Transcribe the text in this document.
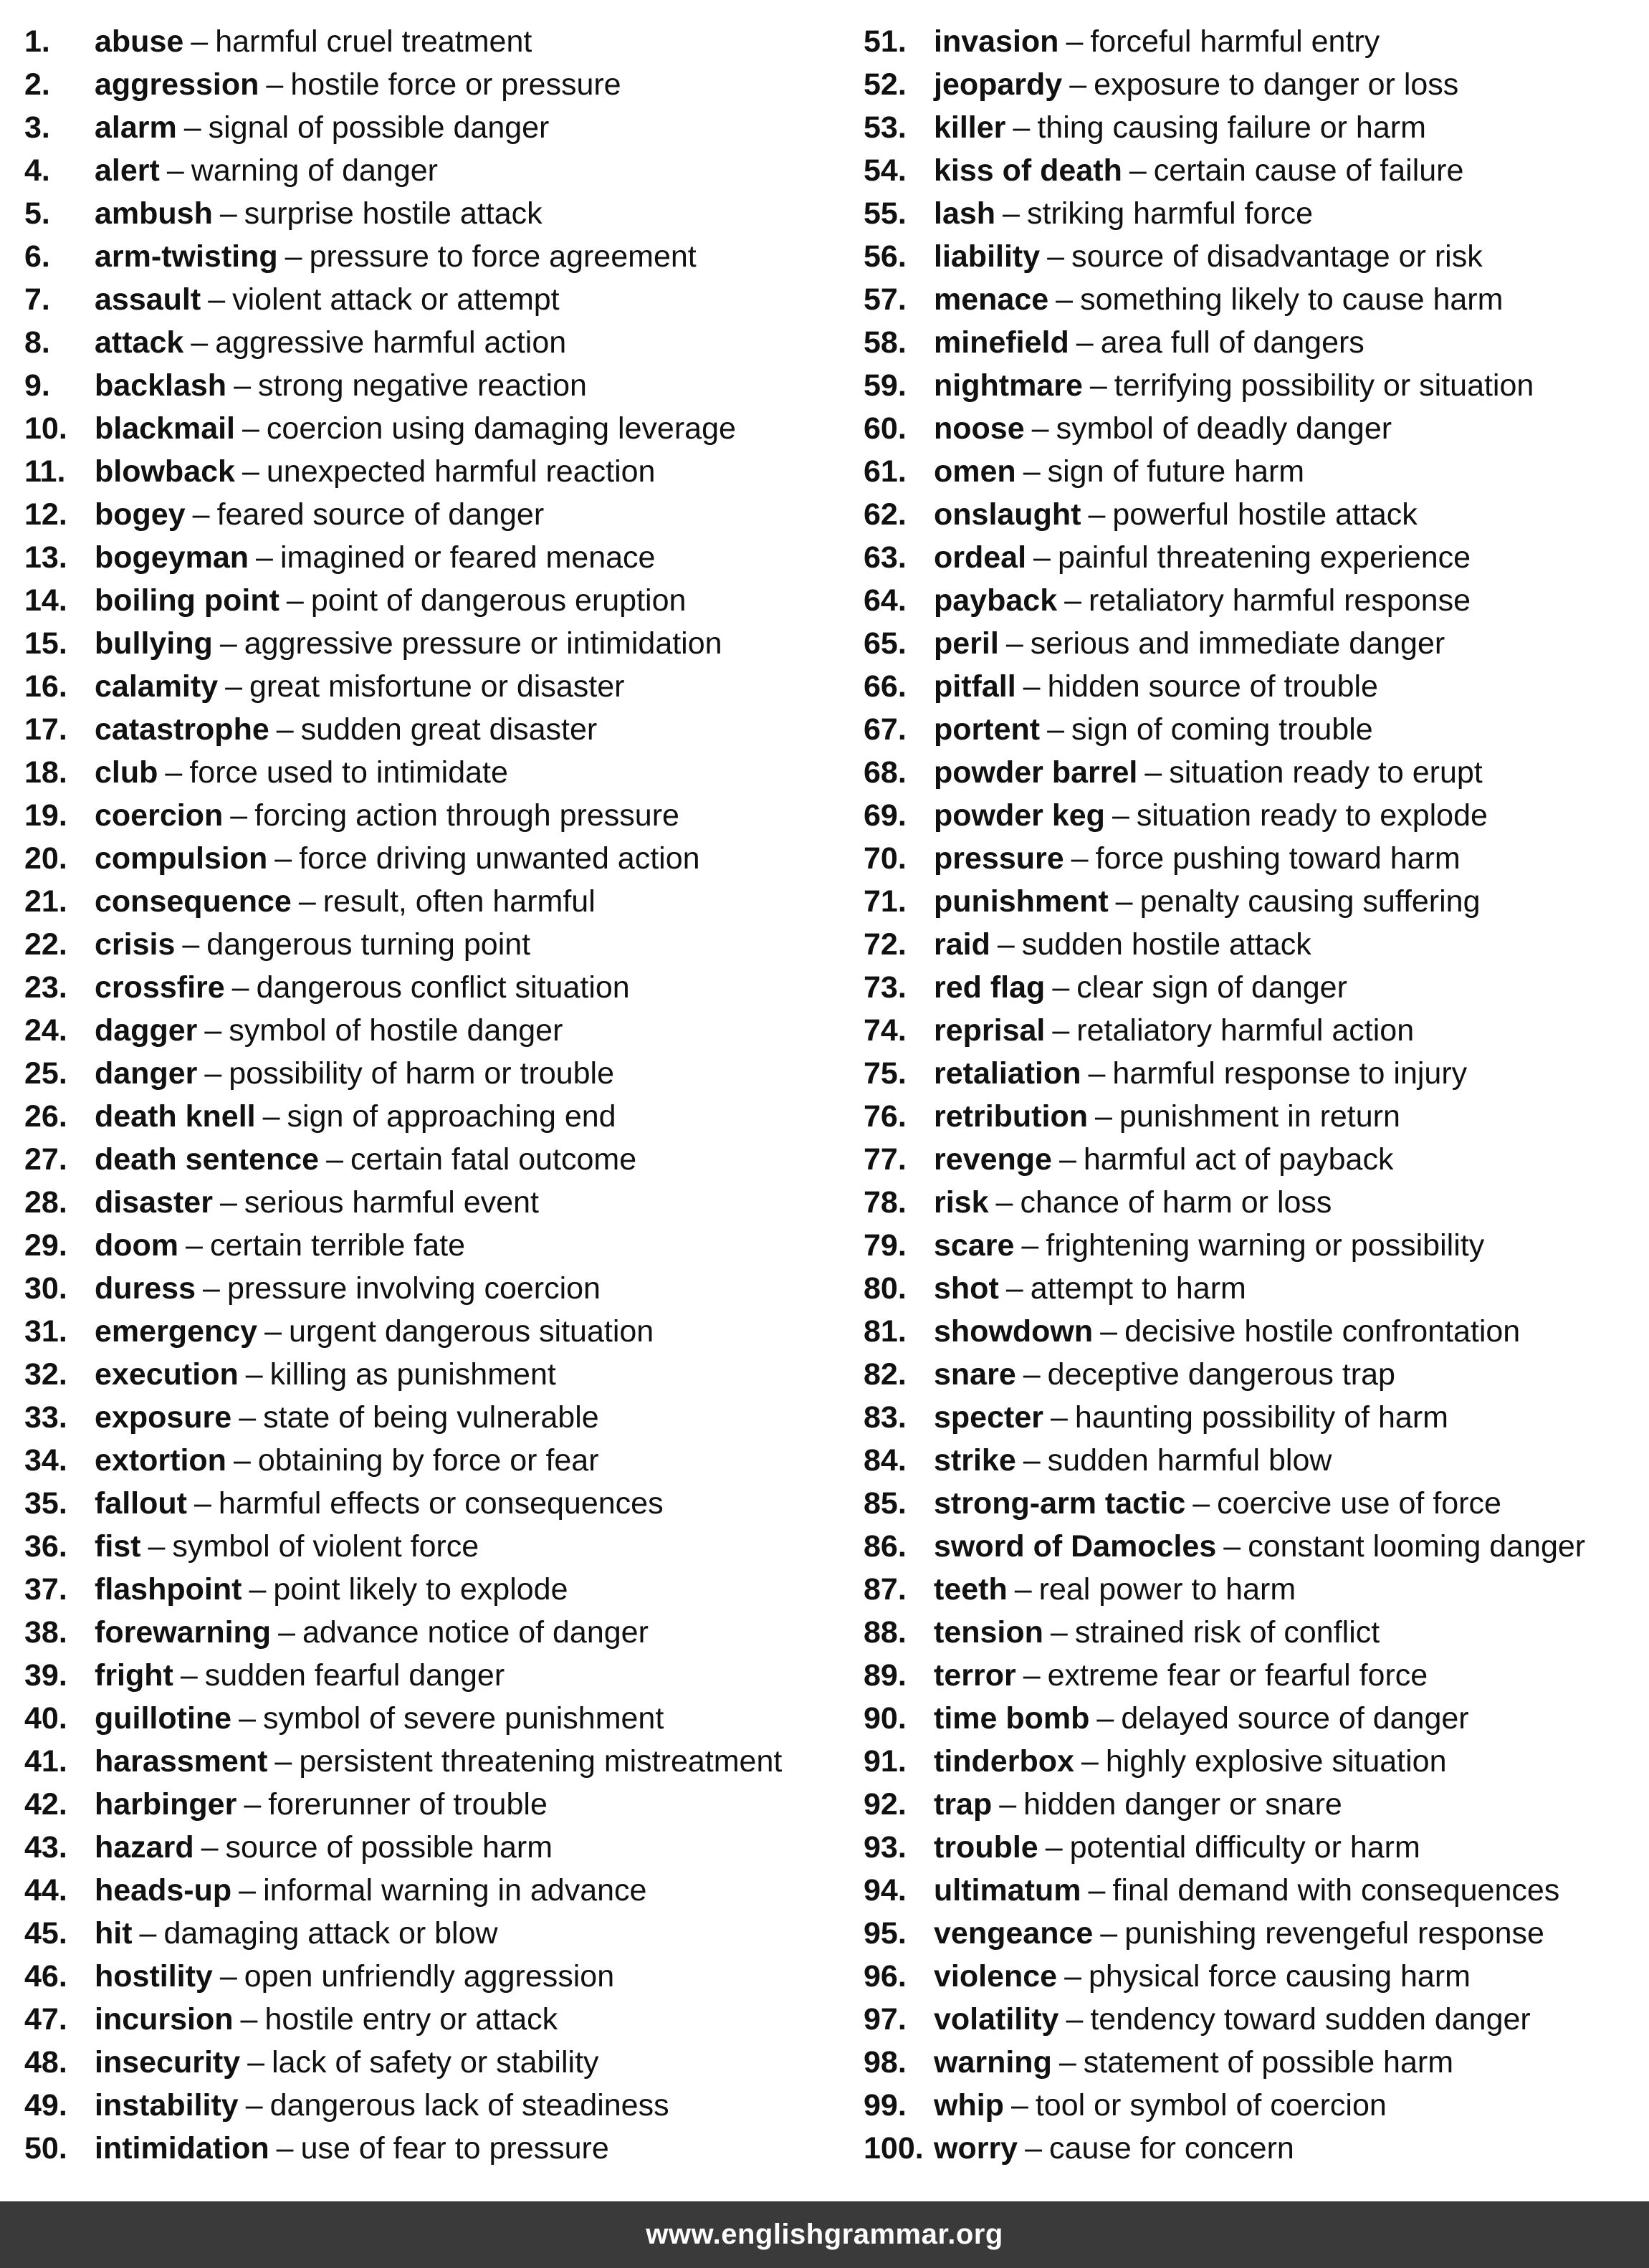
1.	abuse – harmful cruel treatment
2.	aggression – hostile force or pressure
3.	alarm – signal of possible danger
4.	alert – warning of danger
5.	ambush – surprise hostile attack
6.	arm-twisting – pressure to force agreement
7.	assault – violent attack or attempt
8.	attack – aggressive harmful action
9.	backlash – strong negative reaction
10. blackmail – coercion using damaging leverage
11. blowback – unexpected harmful reaction
12. bogey – feared source of danger
13. bogeyman – imagined or feared menace
14. boiling point – point of dangerous eruption
15. bullying – aggressive pressure or intimidation
16. calamity – great misfortune or disaster
17. catastrophe – sudden great disaster
18. club – force used to intimidate
19. coercion – forcing action through pressure
20. compulsion – force driving unwanted action
21. consequence – result, often harmful
22. crisis – dangerous turning point
23. crossfire – dangerous conflict situation
24. dagger – symbol of hostile danger
25. danger – possibility of harm or trouble
26. death knell – sign of approaching end
27. death sentence – certain fatal outcome
28. disaster – serious harmful event
29. doom – certain terrible fate
30. duress – pressure involving coercion
31. emergency – urgent dangerous situation
32. execution – killing as punishment
33. exposure – state of being vulnerable
34. extortion – obtaining by force or fear
35. fallout – harmful effects or consequences
36. fist – symbol of violent force
37. flashpoint – point likely to explode
38. forewarning – advance notice of danger
39. fright – sudden fearful danger
40. guillotine – symbol of severe punishment
41. harassment – persistent threatening mistreatment
42. harbinger – forerunner of trouble
43. hazard – source of possible harm
44. heads-up – informal warning in advance
45. hit – damaging attack or blow
46. hostility – open unfriendly aggression
47. incursion – hostile entry or attack
48. insecurity – lack of safety or stability
49. instability – dangerous lack of steadiness
50. intimidation – use of fear to pressure
51. invasion – forceful harmful entry
52. jeopardy – exposure to danger or loss
53. killer – thing causing failure or harm
54. kiss of death – certain cause of failure
55. lash – striking harmful force
56. liability – source of disadvantage or risk
57. menace – something likely to cause harm
58. minefield – area full of dangers
59. nightmare – terrifying possibility or situation
60. noose – symbol of deadly danger
61. omen – sign of future harm
62. onslaught – powerful hostile attack
63. ordeal – painful threatening experience
64. payback – retaliatory harmful response
65. peril – serious and immediate danger
66. pitfall – hidden source of trouble
67. portent – sign of coming trouble
68. powder barrel – situation ready to erupt
69. powder keg – situation ready to explode
70. pressure – force pushing toward harm
71. punishment – penalty causing suffering
72. raid – sudden hostile attack
73. red flag – clear sign of danger
74. reprisal – retaliatory harmful action
75. retaliation – harmful response to injury
76. retribution – punishment in return
77. revenge – harmful act of payback
78. risk – chance of harm or loss
79. scare – frightening warning or possibility
80. shot – attempt to harm
81. showdown – decisive hostile confrontation
82. snare – deceptive dangerous trap
83. specter – haunting possibility of harm
84. strike – sudden harmful blow
85. strong-arm tactic – coercive use of force
86. sword of Damocles – constant looming danger
87. teeth – real power to harm
88. tension – strained risk of conflict
89. terror – extreme fear or fearful force
90. time bomb – delayed source of danger
91. tinderbox – highly explosive situation
92. trap – hidden danger or snare
93. trouble – potential difficulty or harm
94. ultimatum – final demand with consequences
95. vengeance – punishing revengeful response
96. violence – physical force causing harm
97. volatility – tendency toward sudden danger
98. warning – statement of possible harm
99. whip – tool or symbol of coercion
100. worry – cause for concern
www.englishgrammar.org
